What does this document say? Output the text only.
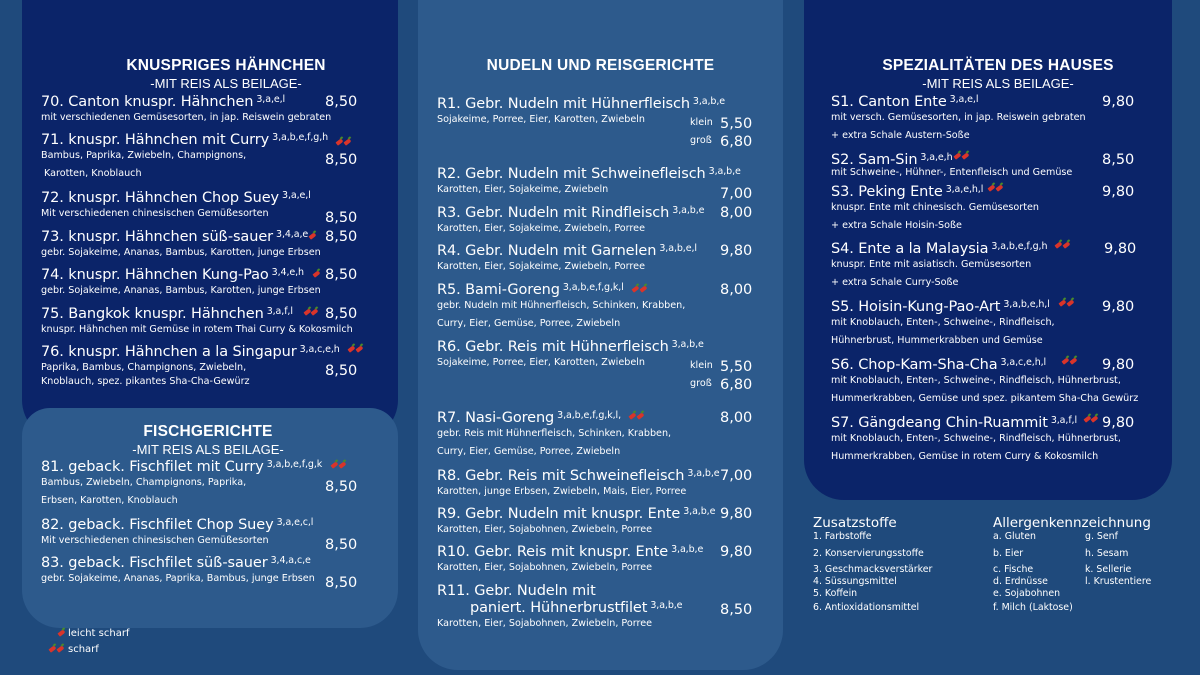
KNUSPRIGES HÄHNCHEN
-MIT REIS ALS BEILAGE-
70. Canton knuspr. Hähnchen $^{3,a,e,l}$
mit verschiedenen Gemüsesorten, in jap. Reiswein gebraten
8,50
71. knuspr. Hähnchen mit Curry $^{3,a,b,e,f,g,h}$
Bambus, Paprika, Zwiebeln, Champignons,
Karotten, Knoblauch
8,50
72. knuspr. Hähnchen Chop Suey $^{3,a,e,l}$
Mit verschiedenen chinesischen Gemüßesorten	8,50
73. knuspr. Hähnchen süß-sauer $^{3,4,a,e}$
gebr. Sojakeime, Ananas, Bambus, Karotten, junge Erbsen
8,50
74. knuspr. Hähnchen Kung-Pao $^{3,4,e,h}$
gebr. Sojakeime, Ananas, Bambus, Karotten, junge Erbsen
8,50
75. Bangkok knuspr. Hähnchen $^{3,a,f,l}$
knuspr. Hähnchen mit Gemüse in rotem Thai Curry & Kokosmilch
8,50
76. knuspr. Hähnchen a la Singapur $^{3,a,c,e,h}$
Paprika, Bambus, Champignons, Zwiebeln,
Knoblauch, spez. pikantes Sha-Cha-Gewürz
8,50
FISCHGERICHTE
-MIT REIS ALS BEILAGE-
81. geback. Fischfilet mit Curry $^{3,a,b,e,f,g,k}$
Bambus, Zwiebeln, Champignons, Paprika,
Erbsen, Karotten, Knoblauch
8,50
82. geback. Fischfilet Chop Suey $^{3,a,e,c,l}$
Mit verschiedenen chinesischen Gemüßesorten	8,50
83. geback. Fischfilet süß-sauer $^{3,4,a,c,e}$
gebr. Sojakeime, Ananas, Paprika, Bambus, junge Erbsen 8,50
leicht scharf
scharf
NUDELN UND REISGERICHTE
R1. Gebr. Nudeln mit Hühnerfleisch $^{3,a,b,e}$
Sojakeime, Porree, Eier, Karotten, Zwiebeln	klein 5,50
groß 6,80
R2. Gebr. Nudeln mit Schweinefleisch $^{3,a,b,e}$
Karotten, Eier, Sojakeime, Zwiebeln	7,00
R3. Gebr. Nudeln mit Rindfleisch $^{3,a,b,e}$
Karotten, Eier, Sojakeime, Zwiebeln, Porree
8,00
R4. Gebr. Nudeln mit Garnelen $^{3,a,b,e,l}$
Karotten, Eier, Sojakeime, Zwiebeln, Porree
9,80
R5. Bami-Goreng $^{3,a,b,e,f,g,k,l}$
gebr. Nudeln mit Hühnerfleisch, Schinken, Krabben,
Curry, Eier, Gemüse, Porree, Zwiebeln
8,00
R6. Gebr. Reis mit Hühnerfleisch $^{3,a,b,e}$
Sojakeime, Porree, Eier, Karotten, Zwiebeln	klein 5,50
groß 6,80
R7. Nasi-Goreng $^{3,a,b,e,f,g,k,l,}$
gebr. Reis mit Hühnerfleisch, Schinken, Krabben,
Curry, Eier, Gemüse, Porree, Zwiebeln
8,00
R8. Gebr. Reis mit Schweinefleisch $^{3,a,b,e}$
Karotten, junge Erbsen, Zwiebeln, Mais, Eier, Porree
7,00
R9. Gebr. Nudeln mit knuspr. Ente $^{3,a,b,e}$
Karotten, Eier, Sojabohnen, Zwiebeln, Porree
9,80
R10. Gebr. Reis mit knuspr. Ente $^{3,a,b,e}$
Karotten, Eier, Sojabohnen, Zwiebeln, Porree
9,80
R11. Gebr. Nudeln mit
paniert. Hühnerbrustfilet $^{3,a,b,e}$
Karotten, Eier, Sojabohnen, Zwiebeln, Porree
8,50
SPEZIALITÄTEN DES HAUSES
-MIT REIS ALS BEILAGE-
S1. Canton Ente $^{3,a,e,l}$
mit versch. Gemüsesorten, in jap. Reiswein gebraten
+ extra Schale Austern-Soße
9,80
S2. Sam-Sin $^{3,a,e,h}$
mit Schweine-, Hühner-, Entenfleisch und Gemüse
8,50
S3. Peking Ente $^{3,a,e,h,l}$
knuspr. Ente mit chinesisch. Gemüsesorten
+ extra Schale Hoisin-Soße
9,80
S4. Ente a la Malaysia $^{3,a,b,e,f,g,h}$
knuspr. Ente mit asiatisch. Gemüsesorten
+ extra Schale Curry-Soße
9,80
S5. Hoisin-Kung-Pao-Art $^{3,a,b,e,h,l}$
mit Knoblauch, Enten-, Schweine-, Rindfleisch,
Hühnerbrust, Hummerkrabben und Gemüse
9,80
S6. Chop-Kam-Sha-Cha $^{3,a,c,e,h,l}$
mit Knoblauch, Enten-, Schweine-, Rindfleisch, Hühnerbrust,
Hummerkrabben, Gemüse und spez. pikantem Sha-Cha Gewürz
9,80
S7. Gängdeang Chin-Ruammit $^{3,a,f,l}$
mit Knoblauch, Enten-, Schweine-, Rindfleisch, Hühnerbrust,
Hummerkrabben, Gemüse in rotem Curry & Kokosmilch
9,80
Zusatzstoffe
1. Farbstoffe
2. Konservierungsstoffe
3. Geschmacksverstärker
4. Süssungsmittel
5. Koffein
6. Antioxidationsmittel
Allergenkennzeichnung
a. Gluten
b. Eier
c. Fische
d. Erdnüsse
e. Sojabohnen
f. Milch (Laktose)
g. Senf
h. Sesam
k. Sellerie
l. Krustentiere
